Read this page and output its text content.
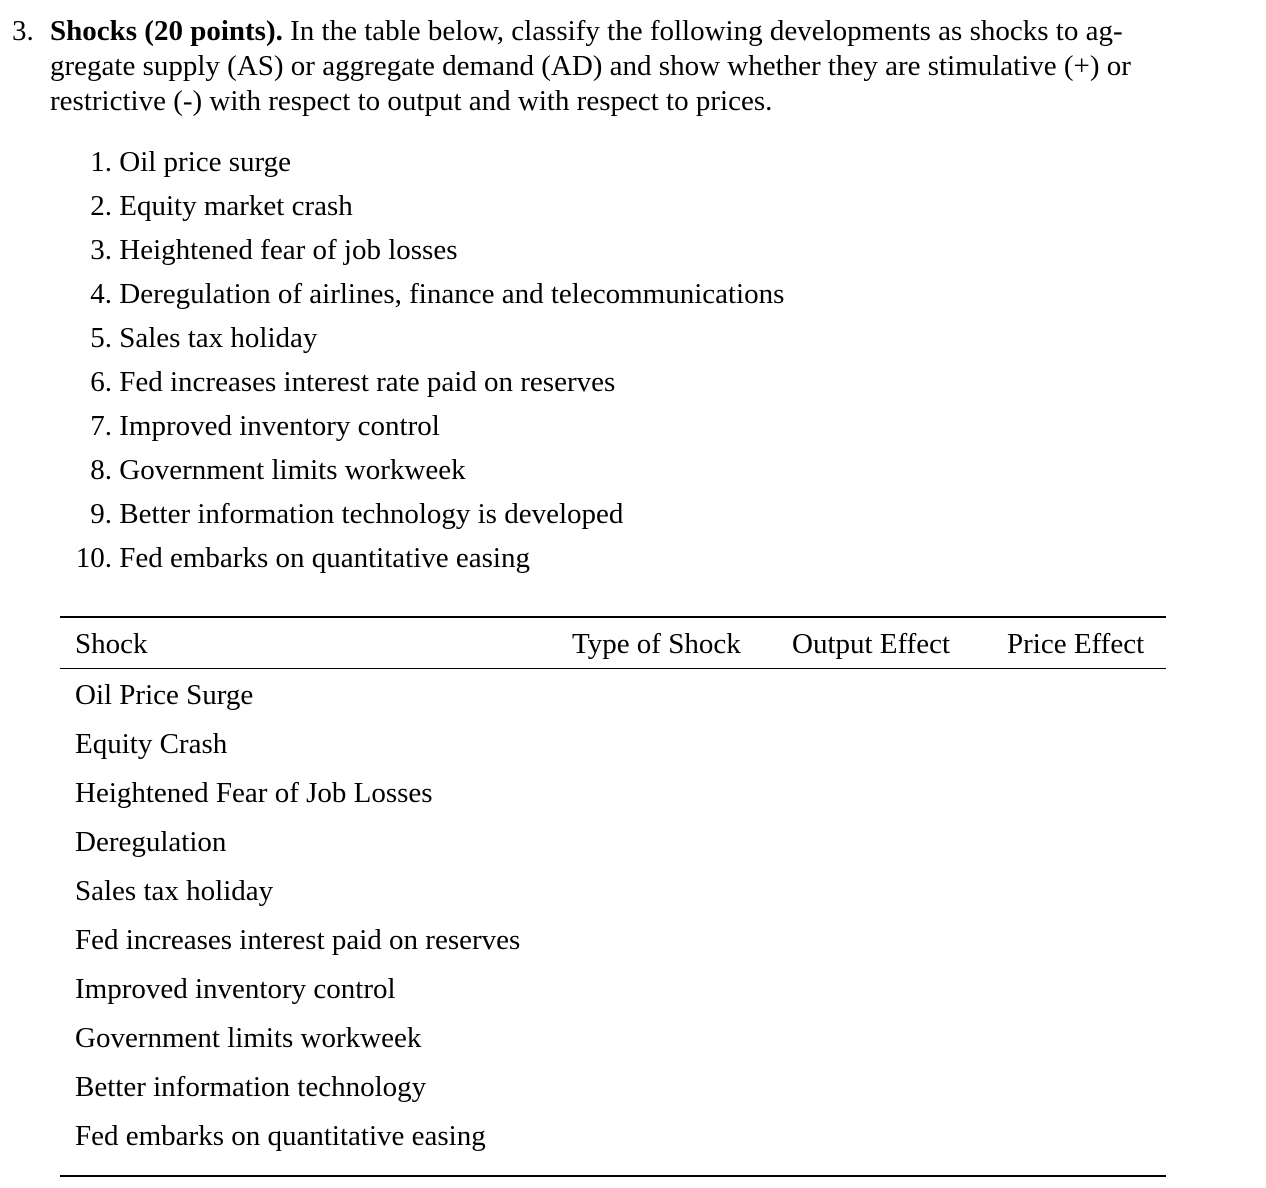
3. Shocks (20 points). In the table below, classify the following developments as shocks to ag-
gregate supply (AS) or aggregate demand (AD) and show whether they are stimulative (+) or
restrictive (-) with respect to output and with respect to prices.
1. Oil price surge
2. Equity market crash
3. Heightened fear of job losses
4. Deregulation of airlines, finance and telecommunications
5. Sales tax holiday
6. Fed increases interest rate paid on reserves
7. Improved inventory control
8. Government limits workweek
9. Better information technology is developed
10. Fed embarks on quantitative easing
Shock	Type of Shock Output Effect Price Effect
Oil Price Surge
Equity Crash
Heightened Fear of Job Losses
Deregulation
Sales tax holiday
Fed increases interest paid on reserves
Improved inventory control
Government limits workweek
Better information technology
Fed embarks on quantitative easing
